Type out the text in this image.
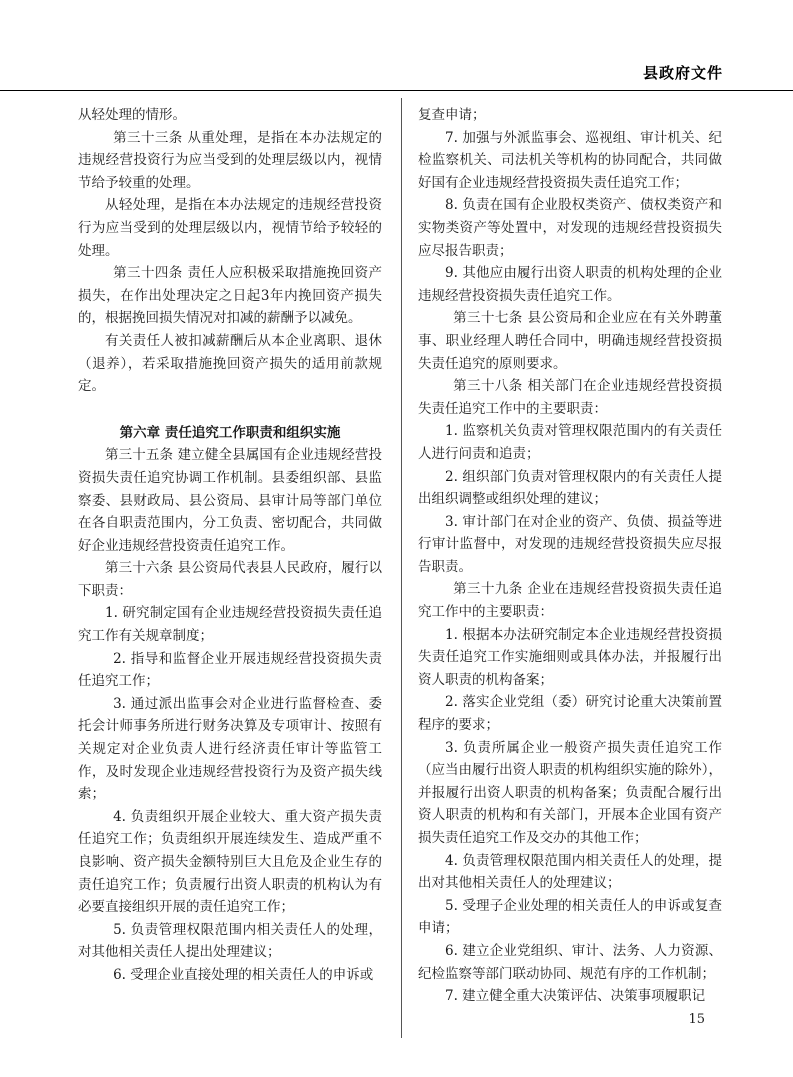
县政府文件

从轻处理的情形。

第三十三条 从重处理，是指在本办法规定的违规经营投资行为应当受到的处理层级以内，视情节给予较重的处理。

从轻处理，是指在本办法规定的违规经营投资行为应当受到的处理层级以内，视情节给予较轻的处理。

第三十四条 责任人应积极采取措施挽回资产损失，在作出处理决定之日起3年内挽回资产损失的，根据挽回损失情况对扣减的薪酬予以减免。

有关责任人被扣减薪酬后从本企业离职、退休（退养），若采取措施挽回资产损失的适用前款规定。

第六章 责任追究工作职责和组织实施

第三十五条 建立健全县属国有企业违规经营投资损失责任追究协调工作机制。县委组织部、县监察委、县财政局、县公资局、县审计局等部门单位在各自职责范围内，分工负责、密切配合，共同做好企业违规经营投资责任追究工作。

第三十六条 县公资局代表县人民政府，履行以下职责：

1. 研究制定国有企业违规经营投资损失责任追究工作有关规章制度；

2. 指导和监督企业开展违规经营投资损失责任追究工作；

3. 通过派出监事会对企业进行监督检查、委托会计师事务所进行财务决算及专项审计、按照有关规定对企业负责人进行经济责任审计等监管工作，及时发现企业违规经营投资行为及资产损失线索；

4. 负责组织开展企业较大、重大资产损失责任追究工作；负责组织开展连续发生、造成严重不良影响、资产损失金额特别巨大且危及企业生存的责任追究工作；负责履行出资人职责的机构认为有必要直接组织开展的责任追究工作；

5. 负责管理权限范围内相关责任人的处理，对其他相关责任人提出处理建议；

6. 受理企业直接处理的相关责任人的申诉或

复查申请；

7. 加强与外派监事会、巡视组、审计机关、纪检监察机关、司法机关等机构的协同配合，共同做好国有企业违规经营投资损失责任追究工作；

8. 负责在国有企业股权类资产、债权类资产和实物类资产等处置中，对发现的违规经营投资损失应尽报告职责；

9. 其他应由履行出资人职责的机构处理的企业违规经营投资损失责任追究工作。

第三十七条 县公资局和企业应在有关外聘董事、职业经理人聘任合同中，明确违规经营投资损失责任追究的原则要求。

第三十八条 相关部门在企业违规经营投资损失责任追究工作中的主要职责：

1. 监察机关负责对管理权限范围内的有关责任人进行问责和追责；

2. 组织部门负责对管理权限内的有关责任人提出组织调整或组织处理的建议；

3. 审计部门在对企业的资产、负债、损益等进行审计监督中，对发现的违规经营投资损失应尽报告职责。

第三十九条 企业在违规经营投资损失责任追究工作中的主要职责：

1. 根据本办法研究制定本企业违规经营投资损失责任追究工作实施细则或具体办法，并报履行出资人职责的机构备案；

2. 落实企业党组（委）研究讨论重大决策前置程序的要求；

3. 负责所属企业一般资产损失责任追究工作（应当由履行出资人职责的机构组织实施的除外），并报履行出资人职责的机构备案；负责配合履行出资人职责的机构和有关部门，开展本企业国有资产损失责任追究工作及交办的其他工作；

4. 负责管理权限范围内相关责任人的处理，提出对其他相关责任人的处理建议；

5. 受理子企业处理的相关责任人的申诉或复查申请；

6. 建立企业党组织、审计、法务、人力资源、纪检监察等部门联动协同、规范有序的工作机制；

7. 建立健全重大决策评估、决策事项履职记

15
